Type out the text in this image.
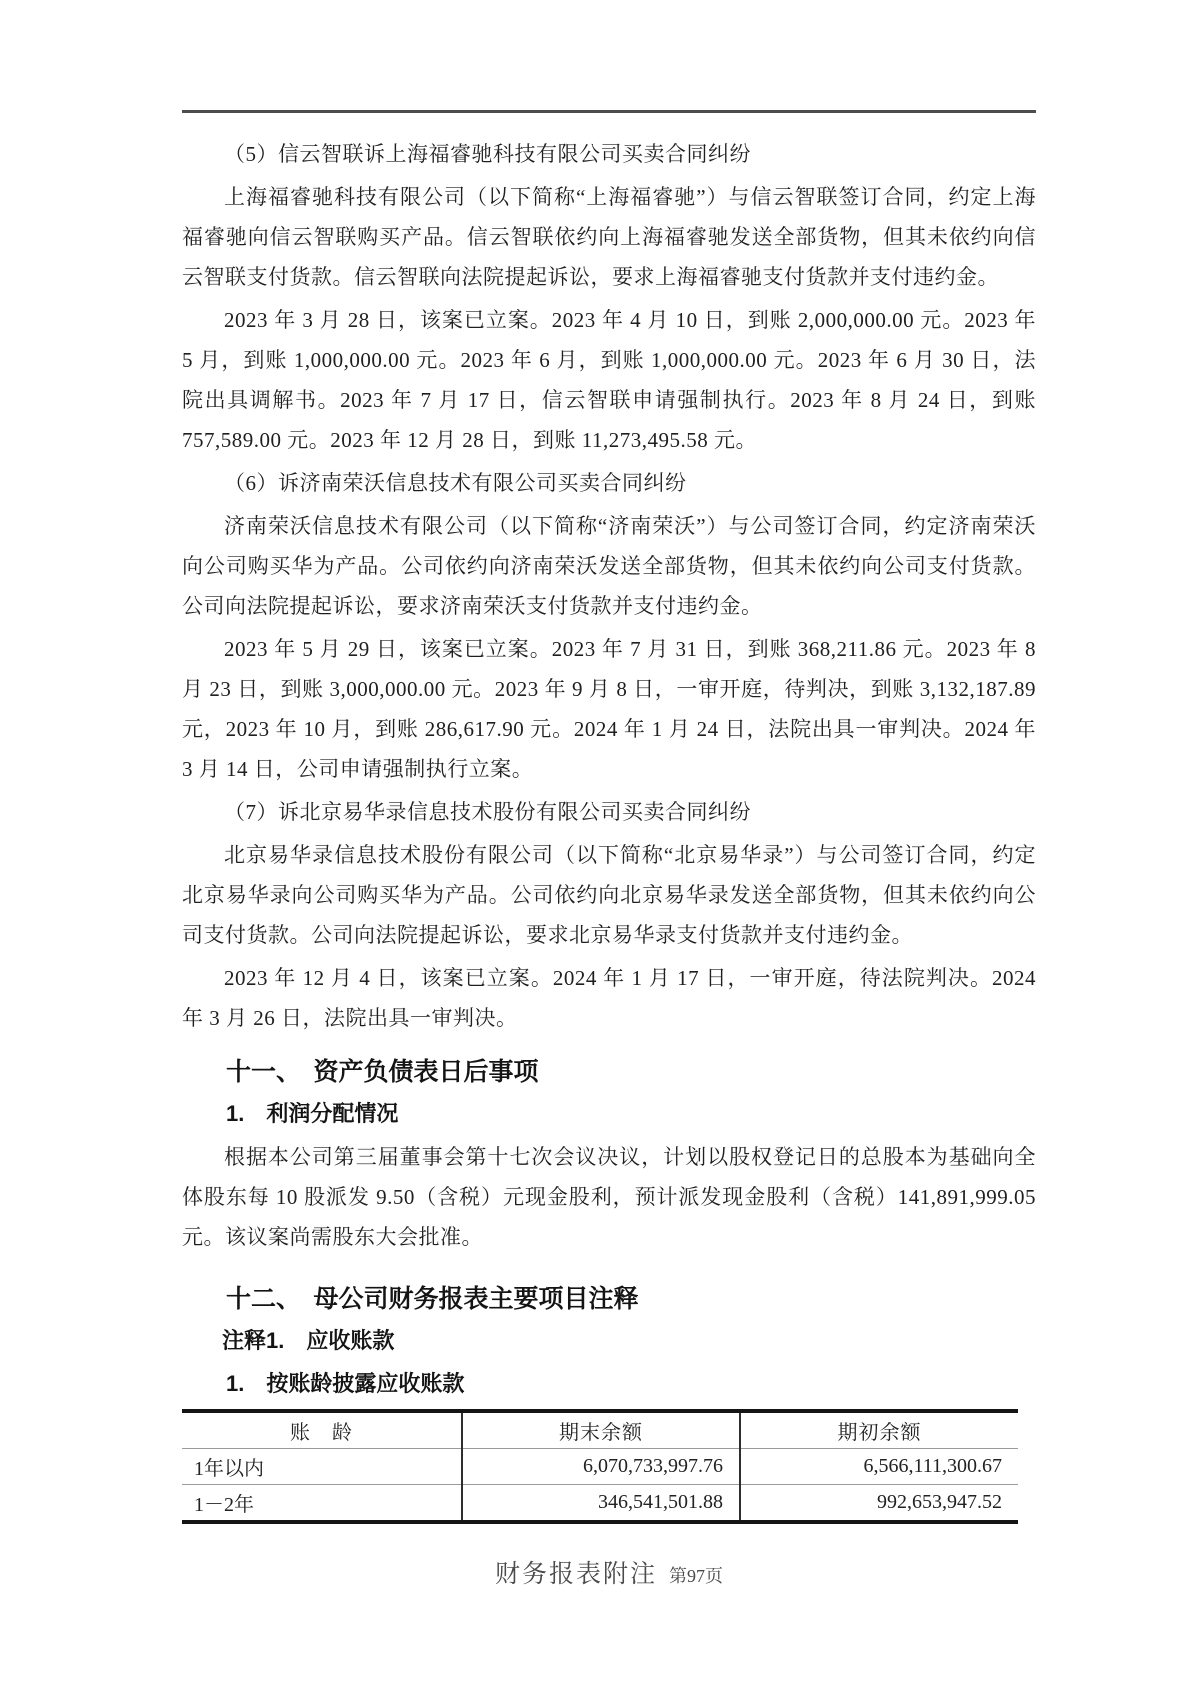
（5）信云智联诉上海福睿驰科技有限公司买卖合同纠纷

上海福睿驰科技有限公司（以下简称“上海福睿驰”）与信云智联签订合同，约定上海福睿驰向信云智联购买产品。信云智联依约向上海福睿驰发送全部货物，但其未依约向信云智联支付货款。信云智联向法院提起诉讼，要求上海福睿驰支付货款并支付违约金。

2023 年 3 月 28 日，该案已立案。2023 年 4 月 10 日，到账 2,000,000.00 元。2023 年 5 月，到账 1,000,000.00 元。2023 年 6 月，到账 1,000,000.00 元。2023 年 6 月 30 日，法院出具调解书。2023 年 7 月 17 日，信云智联申请强制执行。2023 年 8 月 24 日，到账 757,589.00 元。2023 年 12 月 28 日，到账 11,273,495.58 元。

（6）诉济南荣沃信息技术有限公司买卖合同纠纷

济南荣沃信息技术有限公司（以下简称“济南荣沃”）与公司签订合同，约定济南荣沃向公司购买华为产品。公司依约向济南荣沃发送全部货物，但其未依约向公司支付货款。公司向法院提起诉讼，要求济南荣沃支付货款并支付违约金。

2023 年 5 月 29 日，该案已立案。2023 年 7 月 31 日，到账 368,211.86 元。2023 年 8 月 23 日，到账 3,000,000.00 元。2023 年 9 月 8 日，一审开庭，待判决，到账 3,132,187.89 元，2023 年 10 月，到账 286,617.90 元。2024 年 1 月 24 日，法院出具一审判决。2024 年 3 月 14 日，公司申请强制执行立案。

（7）诉北京易华录信息技术股份有限公司买卖合同纠纷

北京易华录信息技术股份有限公司（以下简称“北京易华录”）与公司签订合同，约定北京易华录向公司购买华为产品。公司依约向北京易华录发送全部货物，但其未依约向公司支付货款。公司向法院提起诉讼，要求北京易华录支付货款并支付违约金。

2023 年 12 月 4 日，该案已立案。2024 年 1 月 17 日，一审开庭，待法院判决。2024 年 3 月 26 日，法院出具一审判决。

十一、　资产负债表日后事项
1.　利润分配情况

根据本公司第三届董事会第十七次会议决议，计划以股权登记日的总股本为基础向全体股东每 10 股派发 9.50（含税）元现金股利，预计派发现金股利（含税）141,891,999.05 元。该议案尚需股东大会批准。

十二、　母公司财务报表主要项目注释
注释1.　应收账款
1.　按账龄披露应收账款
账　龄	期末余额	期初余额
1年以内	6,070,733,997.76	6,566,111,300.67
1－2年	346,541,501.88	992,653,947.52
财务报表附注 第97页
